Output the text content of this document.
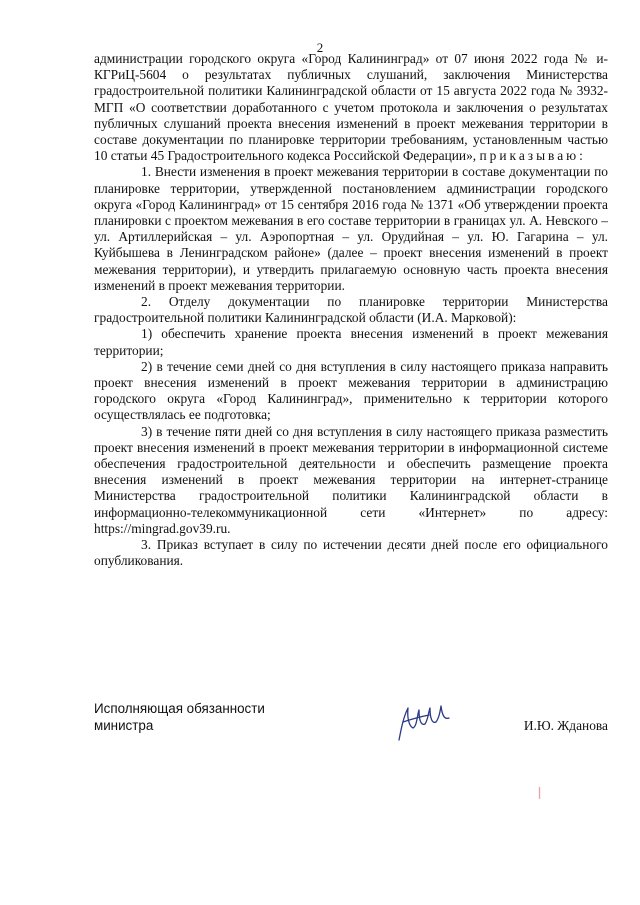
2

администрации городского округа «Город Калининград» от 07 июня 2022 года № и-КГРиЦ-5604 о результатах публичных слушаний, заключения Министерства градостроительной политики Калининградской области от 15 августа 2022 года № 3932-МГП «О соответствии доработанного с учетом протокола и заключения о результатах публичных слушаний проекта внесения изменений в проект межевания территории в составе документации по планировке территории требованиям, установленным частью 10 статьи 45 Градостроительного кодекса Российской Федерации», приказываю:

1. Внести изменения в проект межевания территории в составе документации по планировке территории, утвержденной постановлением администрации городского округа «Город Калининград» от 15 сентября 2016 года № 1371 «Об утверждении проекта планировки с проектом межевания в его составе территории в границах ул. А. Невского – ул. Артиллерийская – ул. Аэропортная – ул. Орудийная – ул. Ю. Гагарина – ул. Куйбышева в Ленинградском районе» (далее – проект внесения изменений в проект межевания территории), и утвердить прилагаемую основную часть проекта внесения изменений в проект межевания территории.

2. Отделу документации по планировке территории Министерства градостроительной политики Калининградской области (И.А. Марковой):

1) обеспечить хранение проекта внесения изменений в проект межевания территории;

2) в течение семи дней со дня вступления в силу настоящего приказа направить проект внесения изменений в проект межевания территории в администрацию городского округа «Город Калининград», применительно к территории которого осуществлялась ее подготовка;

3) в течение пяти дней со дня вступления в силу настоящего приказа разместить проект внесения изменений в проект межевания территории в информационной системе обеспечения градостроительной деятельности и обеспечить размещение проекта внесения изменений в проект межевания территории на интернет-странице Министерства градостроительной политики Калининградской области в информационно-телекоммуникационной сети «Интернет» по адресу: https://mingrad.gov39.ru.

3. Приказ вступает в силу по истечении десяти дней после его официального опубликования.

Исполняющая обязанности
министра	И.Ю. Жданова
